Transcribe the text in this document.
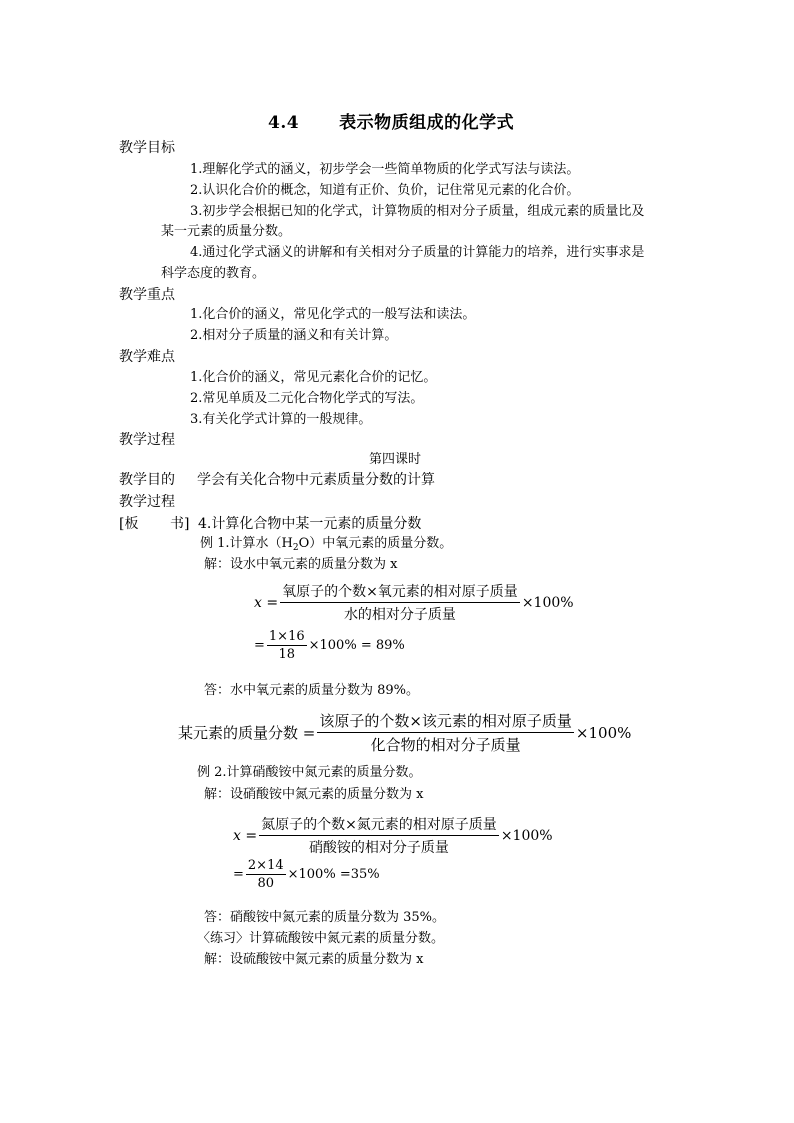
4.4 表示物质组成的化学式
教学目标
1.理解化学式的涵义，初步学会一些简单物质的化学式写法与读法。
2.认识化合价的概念，知道有正价、负价，记住常见元素的化合价。
3.初步学会根据已知的化学式，计算物质的相对分子质量，组成元素的质量比及
某一元素的质量分数。
4.通过化学式涵义的讲解和有关相对分子质量的计算能力的培养，进行实事求是
科学态度的教育。
教学重点
1.化合价的涵义，常见化学式的一般写法和读法。
2.相对分子质量的涵义和有关计算。
教学难点
1.化合价的涵义，常见元素化合价的记忆。
2.常见单质及二元化合物化学式的写法。
3.有关化学式计算的一般规律。
教学过程
第四课时
教学目的 学会有关化合物中元素质量分数的计算
教学过程
[板 书] 4.计算化合物中某一元素的质量分数
例 1.计算水$(H_2O)$中氧元素的质量分数。
解：设水中氧元素的质量分数为 x
$x = \frac{\text{氧原子的个数×氧元素的相对原子质量}}{\text{水的相对分子质量}} \times 100\%$
= $\frac{1\times 16}{18} \times 100\% = 89\%$
答：水中氧元素的质量分数为 89%。
某元素的质量分数 = $\frac{\text{该原子的个数×该元素的相对原子质量}}{\text{化合物的相对分子质量}} \times 100\%$
例 2.计算硝酸铵中氮元素的质量分数。
解：设硝酸铵中氮元素的质量分数为 x
$x = \frac{\text{氮原子的个数×氮元素的相对原子质量}}{\text{硝酸铵的相对分子质量}} \times 100\%$
= $\frac{2\times 14}{80} \times 100\% =35\%$
答：硝酸铵中氮元素的质量分数为 35%。
〈练习〉计算硫酸铵中氮元素的质量分数。
解：设硫酸铵中氮元素的质量分数为 x
